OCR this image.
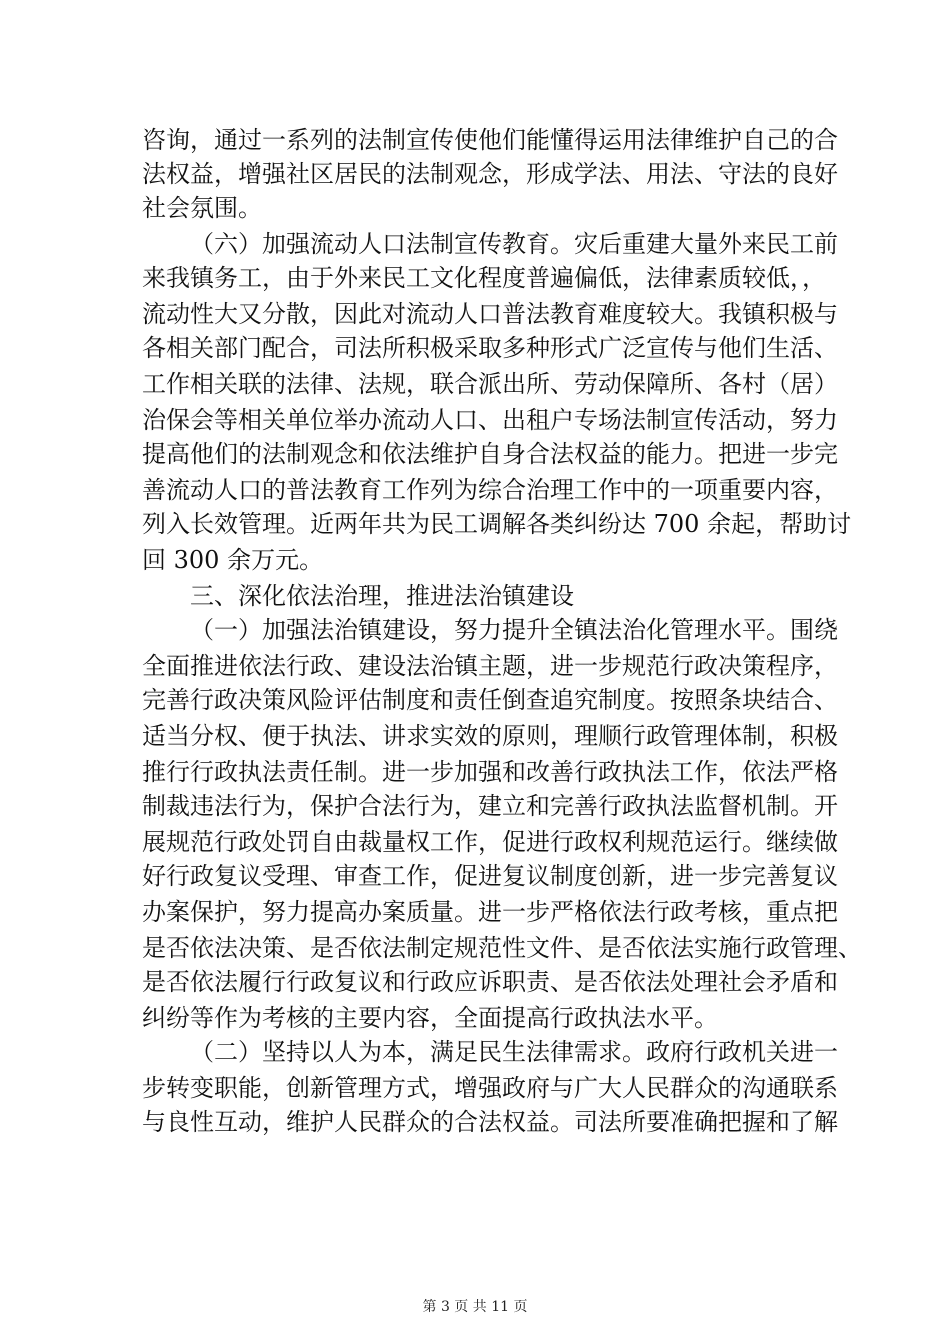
咨询，通过一系列的法制宣传使他们能懂得运用法律维护自己的合
法权益，增强社区居民的法制观念，形成学法、用法、守法的良好
社会氛围。
（六）加强流动人口法制宣传教育。灾后重建大量外来民工前
来我镇务工，由于外来民工文化程度普遍偏低，法律素质较低，，
流动性大又分散，因此对流动人口普法教育难度较大。我镇积极与
各相关部门配合，司法所积极采取多种形式广泛宣传与他们生活、
工作相关联的法律、法规，联合派出所、劳动保障所、各村（居）
治保会等相关单位举办流动人口、出租户专场法制宣传活动，努力
提高他们的法制观念和依法维护自身合法权益的能力。把进一步完
善流动人口的普法教育工作列为综合治理工作中的一项重要内容，
列入长效管理。近两年共为民工调解各类纠纷达 700 余起，帮助讨
回 300 余万元。
三、深化依法治理，推进法治镇建设
（一）加强法治镇建设，努力提升全镇法治化管理水平。围绕
全面推进依法行政、建设法治镇主题，进一步规范行政决策程序，
完善行政决策风险评估制度和责任倒查追究制度。按照条块结合、
适当分权、便于执法、讲求实效的原则，理顺行政管理体制，积极
推行行政执法责任制。进一步加强和改善行政执法工作，依法严格
制裁违法行为，保护合法行为，建立和完善行政执法监督机制。开
展规范行政处罚自由裁量权工作，促进行政权利规范运行。继续做
好行政复议受理、审查工作，促进复议制度创新，进一步完善复议
办案保护，努力提高办案质量。进一步严格依法行政考核，重点把
是否依法决策、是否依法制定规范性文件、是否依法实施行政管理、
是否依法履行行政复议和行政应诉职责、是否依法处理社会矛盾和
纠纷等作为考核的主要内容，全面提高行政执法水平。
（二）坚持以人为本，满足民生法律需求。政府行政机关进一
步转变职能，创新管理方式，增强政府与广大人民群众的沟通联系
与良性互动，维护人民群众的合法权益。司法所要准确把握和了解
第 3 页 共 11 页
